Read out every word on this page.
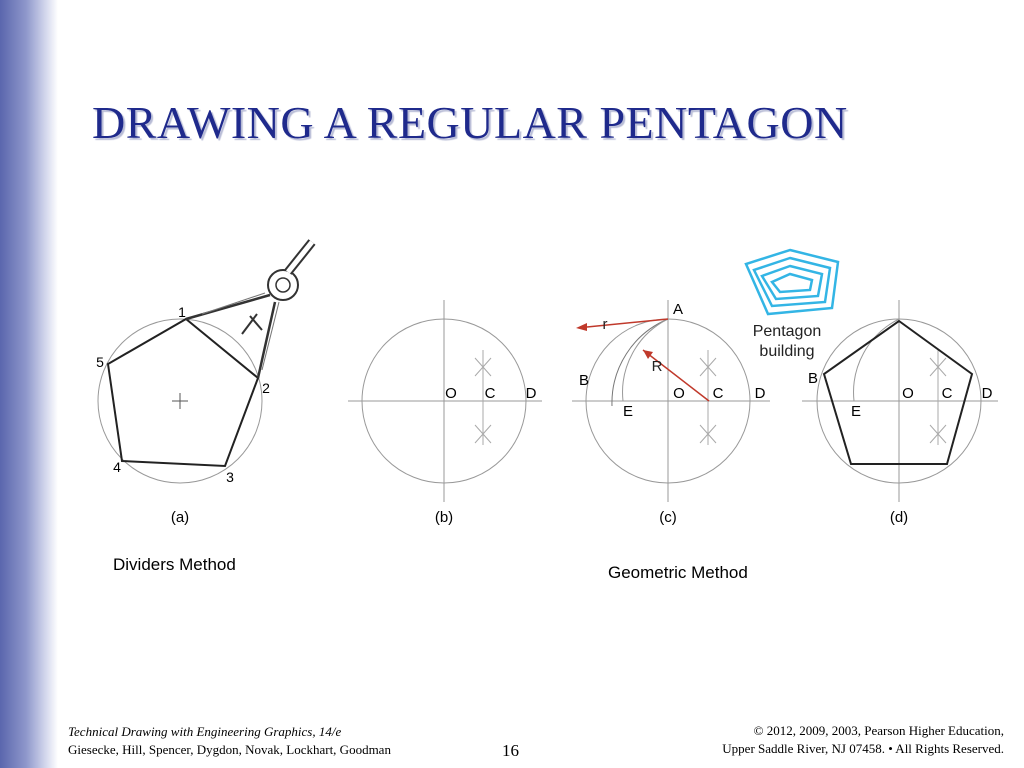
DRAWING A REGULAR PENTAGON
1
2
3
4
5
(a)
O C D
(b)
A
B
E
O C D
r
R
(c)
Pentagon
building
B
E
O C D
(d)
Dividers Method	Geometric Method
Technical Drawing with Engineering Graphics, 14/e
Giesecke, Hill, Spencer, Dygdon, Novak, Lockhart, Goodman	16
© 2012, 2009, 2003, Pearson Higher Education,
Upper Saddle River, NJ 07458. • All Rights Reserved.
